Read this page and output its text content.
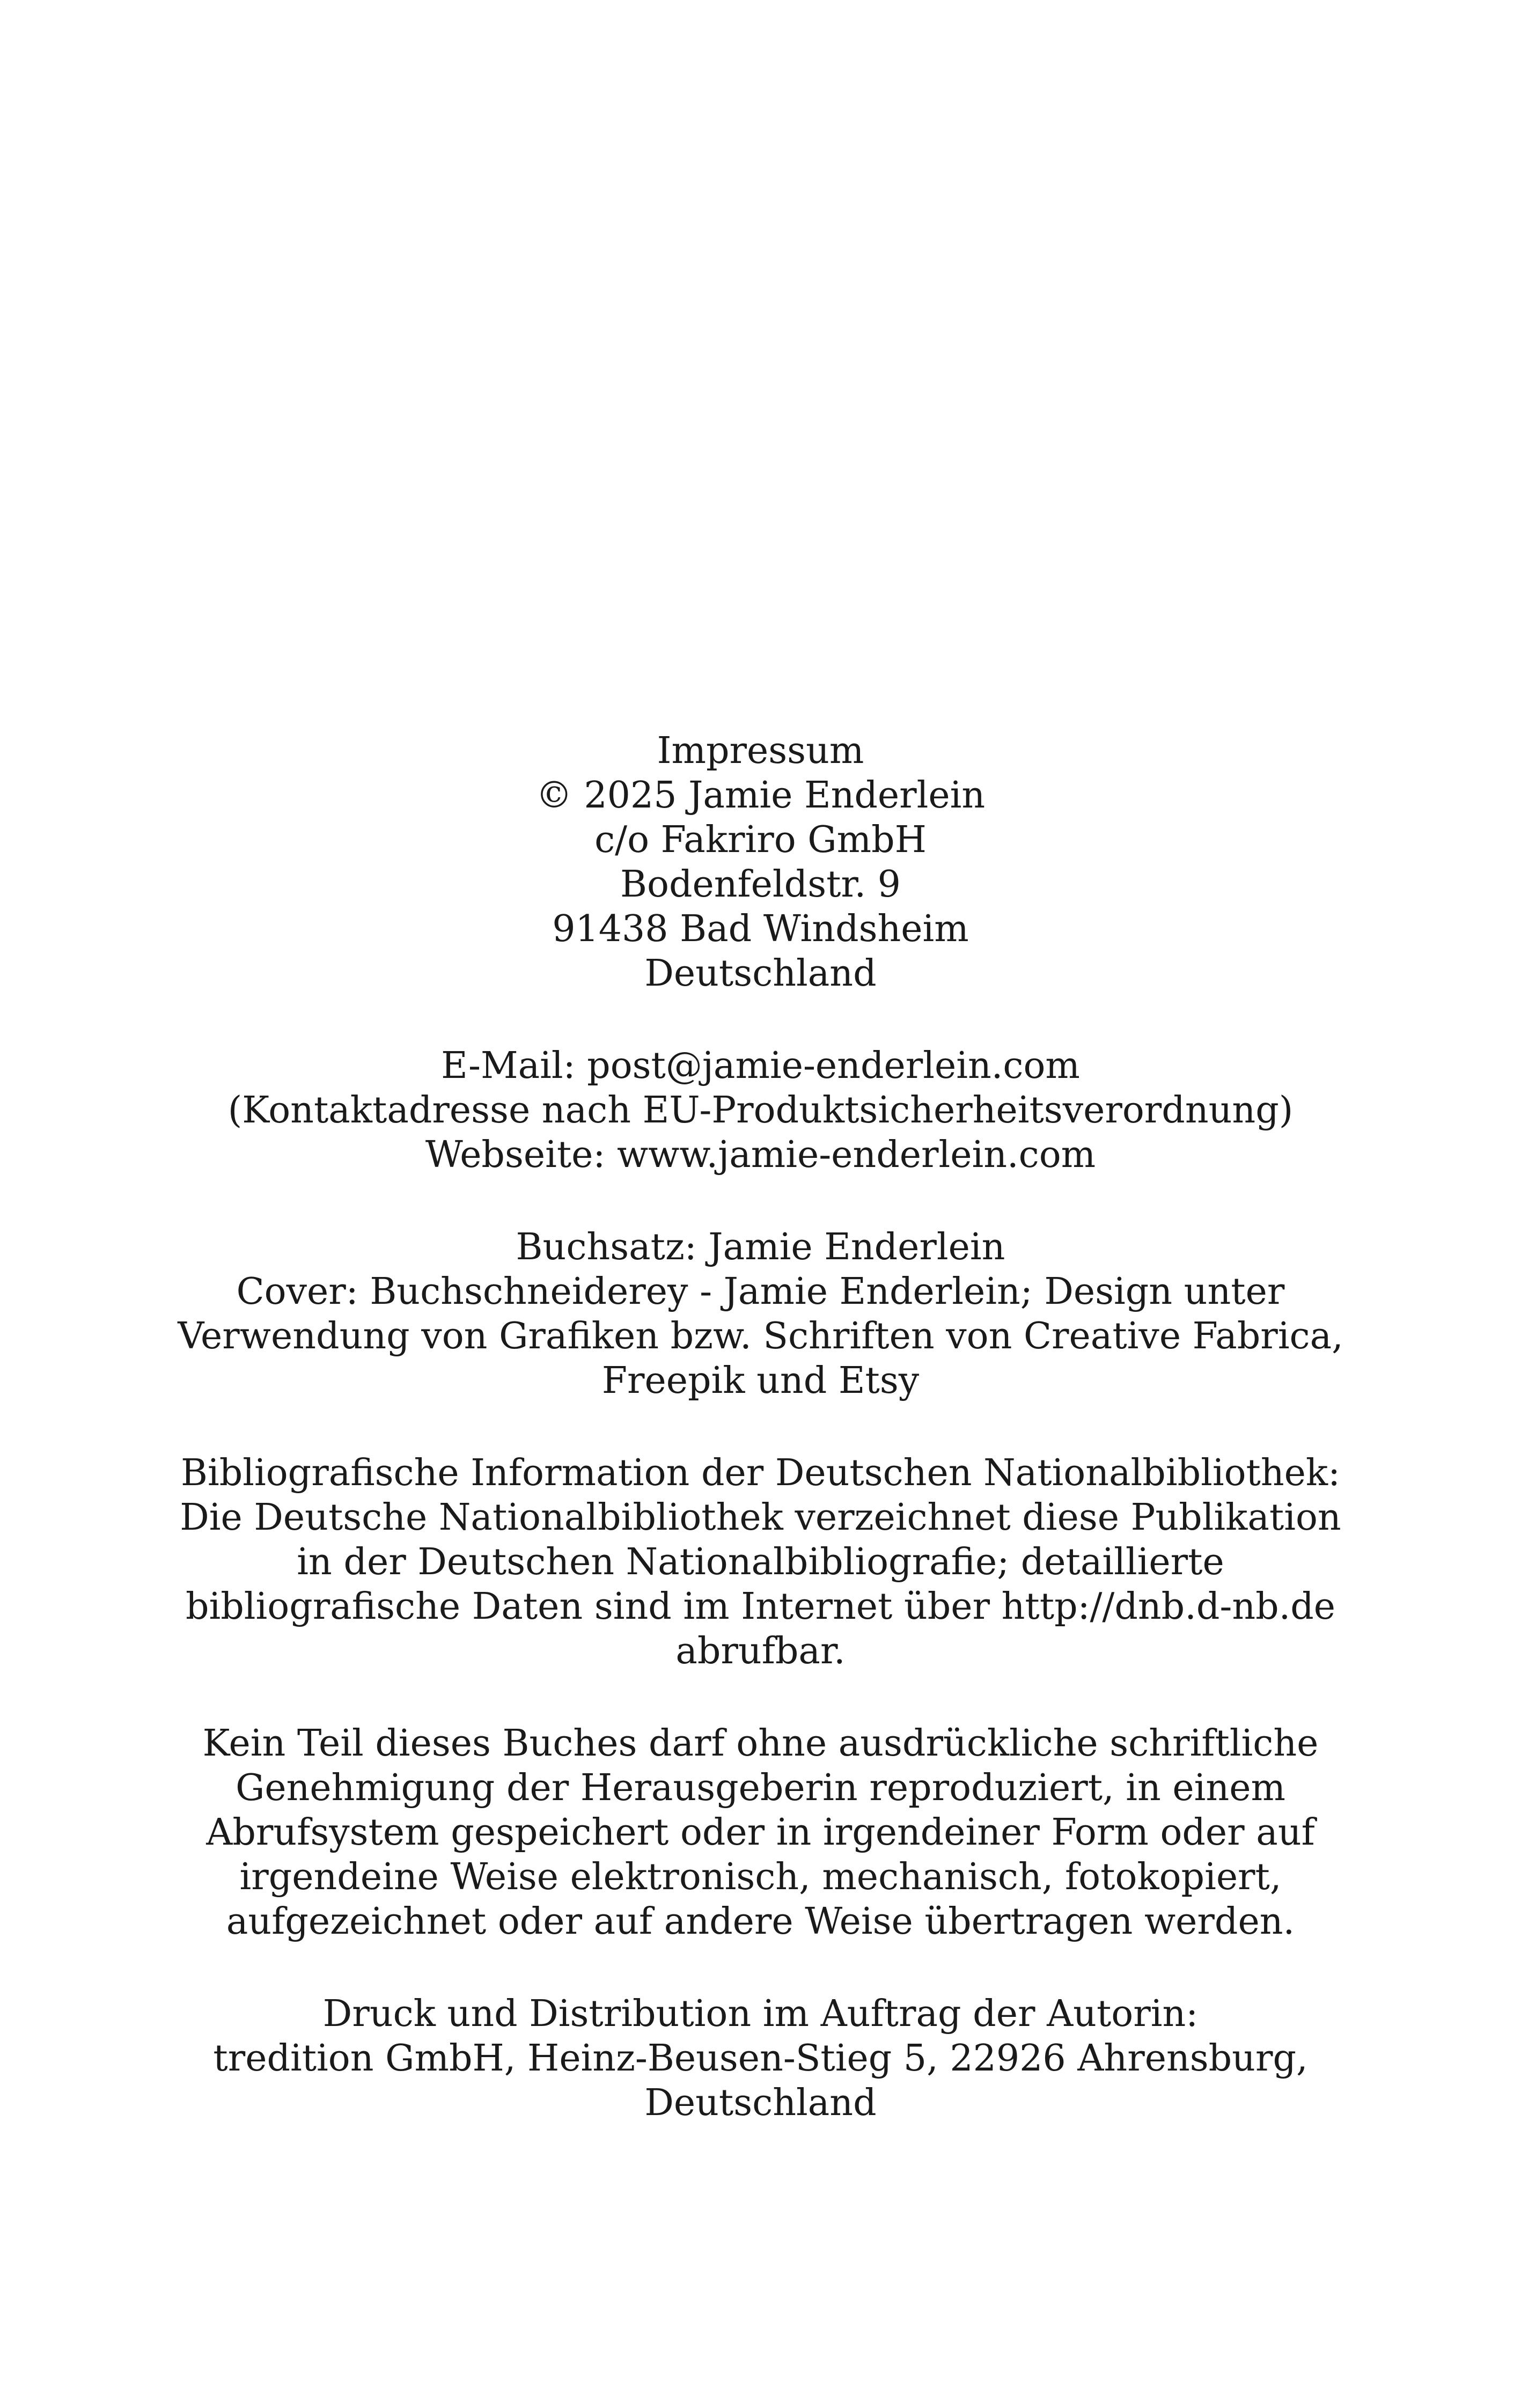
Impressum
© 2025 Jamie Enderlein
c/o Fakriro GmbH
Bodenfeldstr. 9
91438 Bad Windsheim
Deutschland
E-Mail: post@jamie-enderlein.com
(Kontaktadresse nach EU-Produktsicherheitsverordnung)
Webseite: www.jamie-enderlein.com
Buchsatz: Jamie Enderlein
Cover: Buchschneiderey - Jamie Enderlein; Design unter
Verwendung von Grafiken bzw. Schriften von Creative Fabrica,
Freepik und Etsy
Bibliografische Information der Deutschen Nationalbibliothek:
Die Deutsche Nationalbibliothek verzeichnet diese Publikation
in der Deutschen Nationalbibliografie; detaillierte
bibliografische Daten sind im Internet über http://dnb.d-nb.de
abrufbar.
Kein Teil dieses Buches darf ohne ausdrückliche schriftliche
Genehmigung der Herausgeberin reproduziert, in einem
Abrufsystem gespeichert oder in irgendeiner Form oder auf
irgendeine Weise elektronisch, mechanisch, fotokopiert,
aufgezeichnet oder auf andere Weise übertragen werden.
Druck und Distribution im Auftrag der Autorin:
tredition GmbH, Heinz-Beusen-Stieg 5, 22926 Ahrensburg,
Deutschland
